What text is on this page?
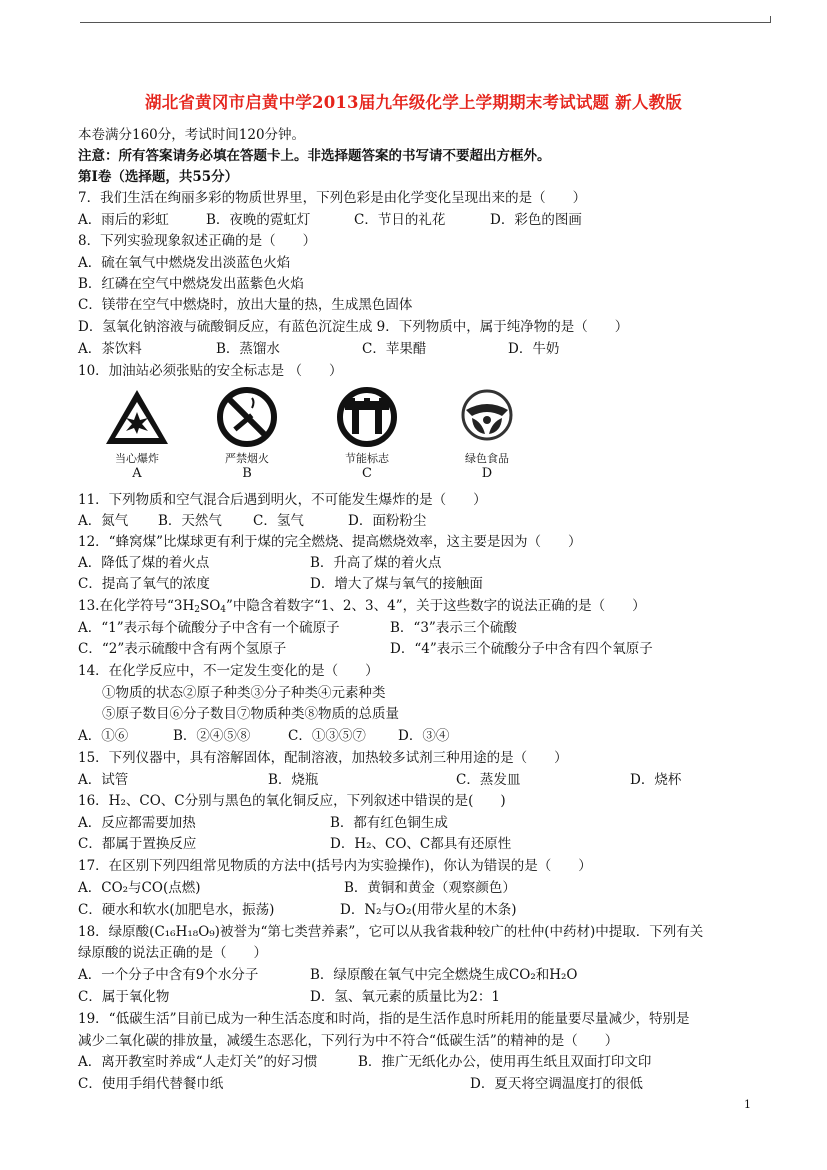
湖北省黄冈市启黄中学2013届九年级化学上学期期末考试试题 新人教版
本卷满分160分，考试时间120分钟。
注意：所有答案请务必填在答题卡上。非选择题答案的书写请不要超出方框外。
第Ⅰ卷（选择题，共55分）
7．我们生活在绚丽多彩的物质世界里，下列色彩是由化学变化呈现出来的是（　　）
A．雨后的彩虹	B．夜晚的霓虹灯	C．节日的礼花	D．彩色的图画
8．下列实验现象叙述正确的是（　　）
A．硫在氧气中燃烧发出淡蓝色火焰
B．红磷在空气中燃烧发出蓝紫色火焰
C．镁带在空气中燃烧时，放出大量的热，生成黑色固体
D．氢氧化钠溶液与硫酸铜反应，有蓝色沉淀生成 9．下列物质中，属于纯净物的是（　　）
A．茶饮料	B．蒸馏水	C．苹果醋	D．牛奶
10．加油站必须张贴的安全标志是 （　　）
当心爆炸
A
严禁烟火
B
节能标志
C
绿色食品
D
11．下列物质和空气混合后遇到明火，不可能发生爆炸的是（　　）
A．氮气 B．天然气 C．氢气	D．面粉粉尘
12．“蜂窝煤”比煤球更有利于煤的完全燃烧、提高燃烧效率，这主要是因为（　　）
A．降低了煤的着火点	B．升高了煤的着火点
C．提高了氧气的浓度	D．增大了煤与氧气的接触面
13.在化学符号“$3H_2SO_4$”中隐含着数字“1、2、3、4”，关于这些数字的说法正确的是（　　）
A．“1”表示每个硫酸分子中含有一个硫原子	B．“3”表示三个硫酸
C．“2”表示硫酸中含有两个氢原子	D．“4”表示三个硫酸分子中含有四个氧原子
14．在化学反应中，不一定发生变化的是（　　）
①物质的状态②原子种类③分子种类④元素种类
⑤原子数目⑥分子数目⑦物质种类⑧物质的总质量
A．①⑥	B．②④⑤⑧	C．①③⑤⑦ D．③④
15．下列仪器中，具有溶解固体，配制溶液，加热较多试剂三种用途的是（　　）
A．试管	B．烧瓶	C．蒸发皿	D．烧杯
16．H₂、CO、C分别与黑色的氧化铜反应，下列叙述中错误的是(　　)
A．反应都需要加热	B．都有红色铜生成
C．都属于置换反应	D．H₂、CO、C都具有还原性
17．在区别下列四组常见物质的方法中(括号内为实验操作)，你认为错误的是（　　）
A．CO₂与CO(点燃)	B．黄铜和黄金（观察颜色）
C．硬水和软水(加肥皂水，振荡)	D．N₂与O₂(用带火星的木条)
18．绿原酸(C₁₆H₁₈O₉)被誉为“第七类营养素”，它可以从我省栽种较广的杜仲(中药材)中提取．下列有关
绿原酸的说法正确的是（　　）
A．一个分子中含有9个水分子	B．绿原酸在氧气中完全燃烧生成CO₂和H₂O
C．属于氧化物	D．氢、氧元素的质量比为2：1
19．“低碳生活”目前已成为一种生活态度和时尚，指的是生活作息时所耗用的能量要尽量减少，特别是
减少二氧化碳的排放量，减缓生态恶化，下列行为中不符合“低碳生活”的精神的是（　　）
A．离开教室时养成“人走灯关”的好习惯	B．推广无纸化办公，使用再生纸且双面打印文印
C．使用手绢代替餐巾纸	D．夏天将空调温度打的很低
1
